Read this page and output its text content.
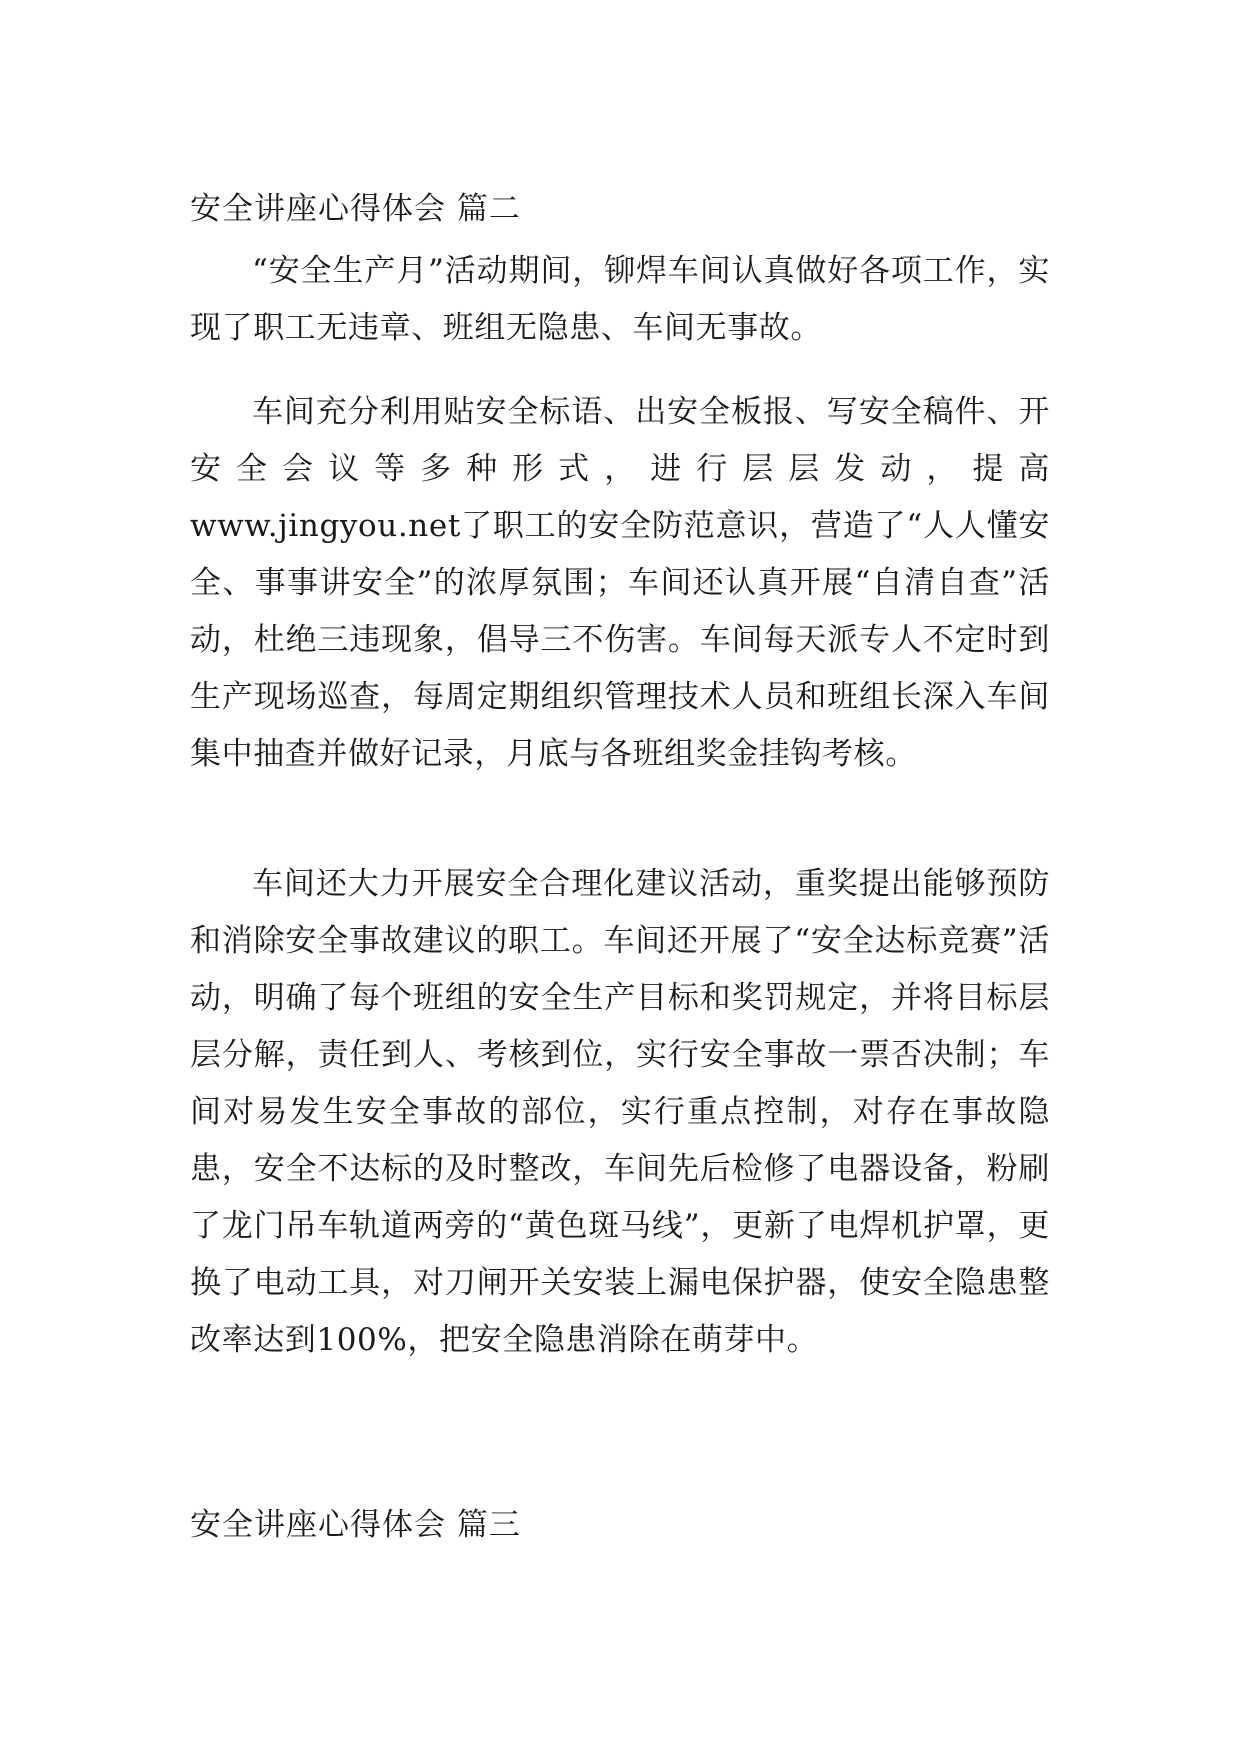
安全讲座心得体会 篇二

“安全生产月”活动期间，铆焊车间认真做好各项工作，实现了职工无违章、班组无隐患、车间无事故。

车间充分利用贴安全标语、出安全板报、写安全稿件、开安全会议等多种形式，进行层层发动，提高www.jingyou.net了职工的安全防范意识，营造了“人人懂安全、事事讲安全”的浓厚氛围；车间还认真开展“自清自查”活动，杜绝三违现象，倡导三不伤害。车间每天派专人不定时到生产现场巡查，每周定期组织管理技术人员和班组长深入车间集中抽查并做好记录，月底与各班组奖金挂钩考核。

车间还大力开展安全合理化建议活动，重奖提出能够预防和消除安全事故建议的职工。车间还开展了“安全达标竞赛”活动，明确了每个班组的安全生产目标和奖罚规定，并将目标层层分解，责任到人、考核到位，实行安全事故一票否决制；车间对易发生安全事故的部位，实行重点控制，对存在事故隐患，安全不达标的及时整改，车间先后检修了电器设备，粉刷了龙门吊车轨道两旁的“黄色斑马线”，更新了电焊机护罩，更换了电动工具，对刀闸开关安装上漏电保护器，使安全隐患整改率达到100%，把安全隐患消除在萌芽中。

安全讲座心得体会 篇三
